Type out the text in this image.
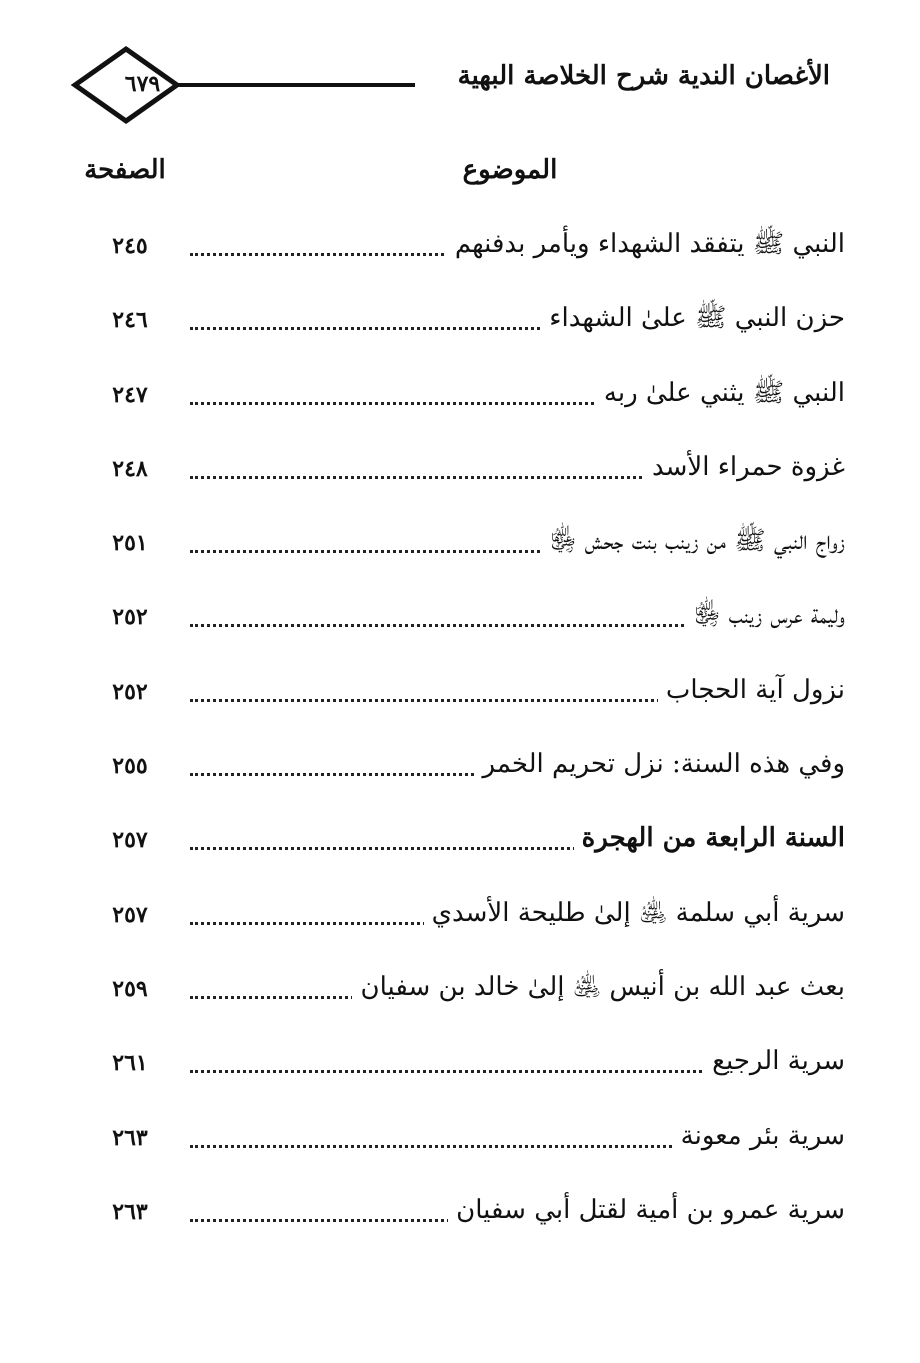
٦٧٩	الأغصان الندية شرح الخلاصة البهية
الموضوع
الصفحة
النبي ﷺ يتفقد الشهداء ويأمر بدفنهم
٢٤٥
حزن النبي ﷺ علىٰ الشهداء
٢٤٦
النبي ﷺ يثني علىٰ ربه
٢٤٧
غزوة حمراء الأسد
٢٤٨
زواج النبي ﷺ من زينب بنت جحش ﵂
٢٥١
وليمة عرس زينب ﵂
٢٥٢
نزول آية الحجاب
٢٥٢
وفي هذه السنة: نزل تحريم الخمر
٢٥٥
السنة الرابعة من الهجرة
٢٥٧
سرية أبي سلمة ﵁ إلىٰ طليحة الأسدي
٢٥٧
بعث عبد الله بن أنيس ﵁ إلىٰ خالد بن سفيان
٢٥٩
سرية الرجيع
٢٦١
سرية بئر معونة
٢٦٣
سرية عمرو بن أمية لقتل أبي سفيان
٢٦٣
